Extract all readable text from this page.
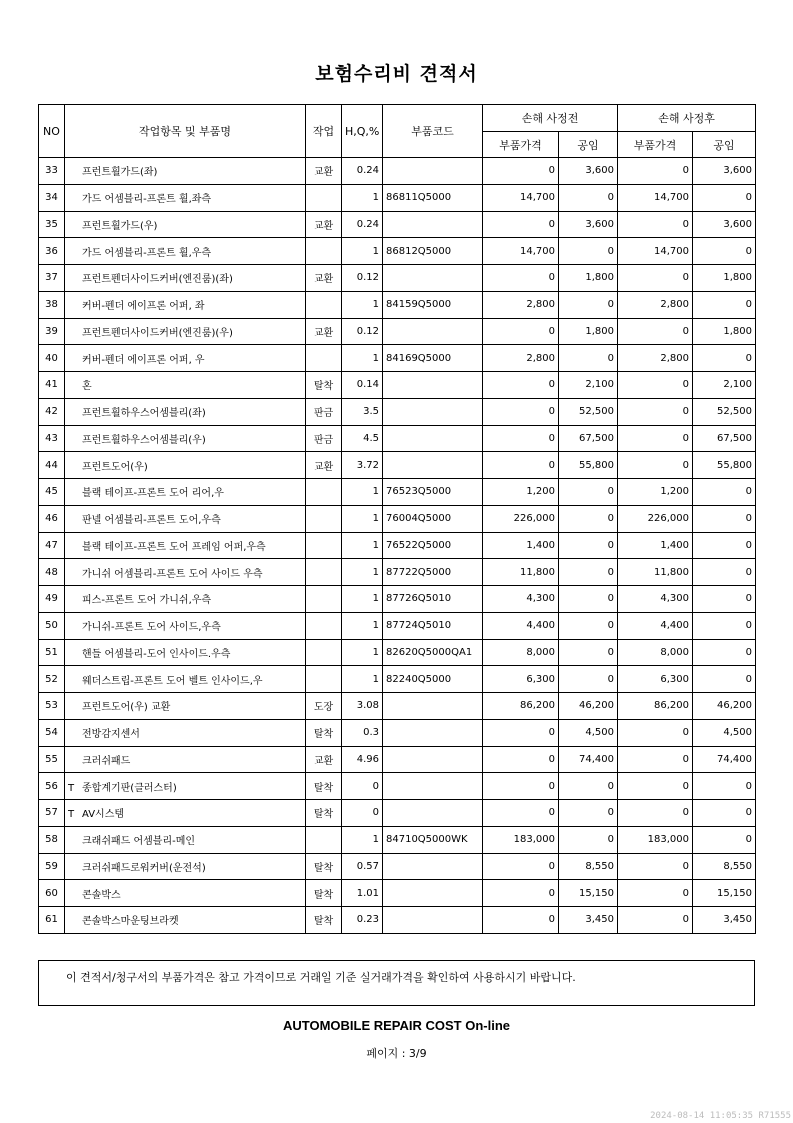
보험수리비 견적서
NO	작업항목 및 부품명	작업	H,Q,%	부품코드	손해 사정전		손해 사정후	
					부품가격	공임	부품가격	공임
33	프런트휠가드(좌)	교환	0.24		0	3,600	0	3,600
34	가드 어셈블리-프론트 휠,좌측		1	86811Q5000	14,700	0	14,700	0
35	프런트휠가드(우)	교환	0.24		0	3,600	0	3,600
36	가드 어셈블리-프론트 휠,우측		1	86812Q5000	14,700	0	14,700	0
37	프런트펜더사이드커버(엔진룸)(좌)	교환	0.12		0	1,800	0	1,800
38	커버-펜더 에이프론 어퍼, 좌		1	84159Q5000	2,800	0	2,800	0
39	프런트펜더사이드커버(엔진룸)(우)	교환	0.12		0	1,800	0	1,800
40	커버-펜더 에이프론 어퍼, 우		1	84169Q5000	2,800	0	2,800	0
41	혼	탈착	0.14		0	2,100	0	2,100
42	프런트휠하우스어셈블리(좌)	판금	3.5		0	52,500	0	52,500
43	프런트휠하우스어셈블리(우)	판금	4.5		0	67,500	0	67,500
44	프런트도어(우)	교환	3.72		0	55,800	0	55,800
45	블랙 테이프-프론트 도어 리어,우		1	76523Q5000	1,200	0	1,200	0
46	판넬 어셈블리-프론트 도어,우측		1	76004Q5000	226,000	0	226,000	0
47	블랙 테이프-프론트 도어 프레임 어퍼,우측		1	76522Q5000	1,400	0	1,400	0
48	가니쉬 어셈블리-프론트 도어 사이드 우측		1	87722Q5000	11,800	0	11,800	0
49	피스-프론트 도어 가니쉬,우측		1	87726Q5010	4,300	0	4,300	0
50	가니쉬-프론트 도어 사이드,우측		1	87724Q5010	4,400	0	4,400	0
51	핸들 어셈블리-도어 인사이드.우측		1	82620Q5000QA1	8,000	0	8,000	0
52	웨더스트립-프론트 도어 벨트 인사이드,우		1	82240Q5000	6,300	0	6,300	0
53	프런트도어(우) 교환	도장	3.08		86,200	46,200	86,200	46,200
54	전방감지센서	탈착	0.3		0	4,500	0	4,500
55	크러쉬패드	교환	4.96		0	74,400	0	74,400
56	T 종합계기판(클러스터)	탈착	0		0	0	0	0
57	T AV시스템	탈착	0		0	0	0	0
58	크래쉬패드 어셈블리-메인		1	84710Q5000WK	183,000	0	183,000	0
59	크러쉬패드로워커버(운전석)	탈착	0.57		0	8,550	0	8,550
60	콘솔박스	탈착	1.01		0	15,150	0	15,150
61	콘솔박스마운팅브라켓	탈착	0.23		0	3,450	0	3,450
이 견적서/청구서의 부품가격은 참고 가격이므로 거래일 기준 실거래가격을 확인하여 사용하시기 바랍니다.
AUTOMOBILE REPAIR COST On-line
페이지 : 3/9
2024-08-14 11:05:35 R71555
